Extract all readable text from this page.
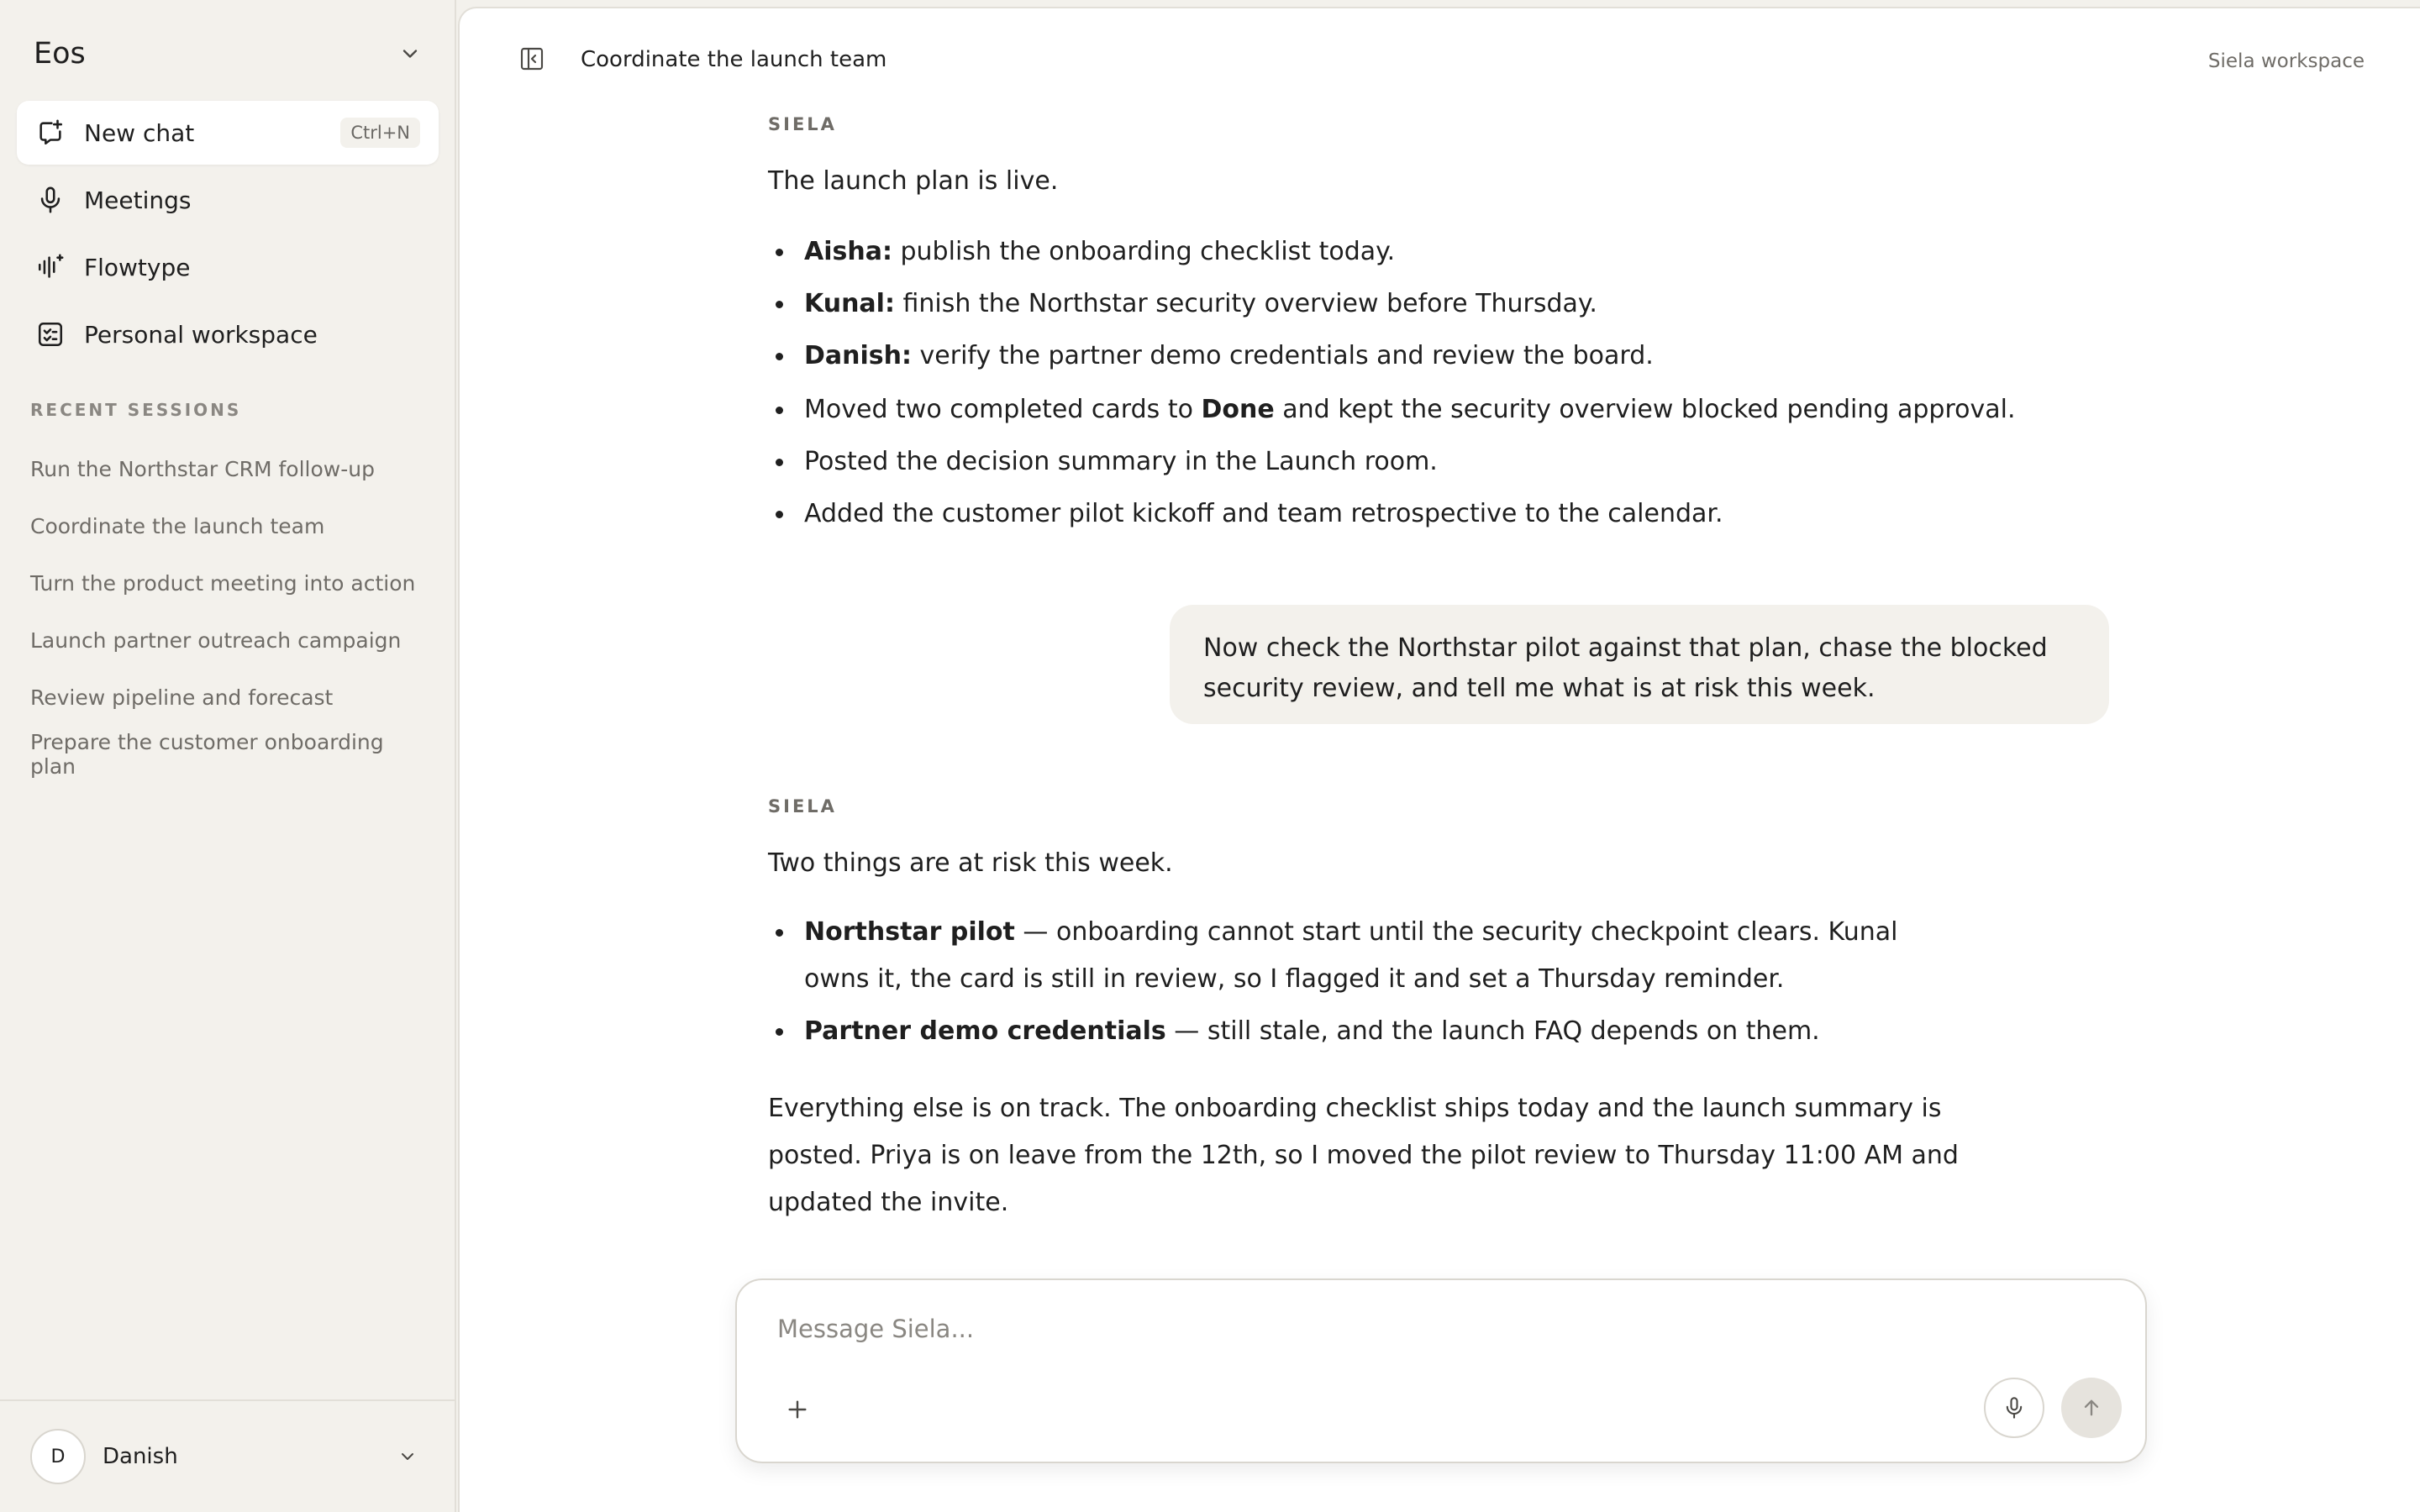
Eos
New chat	Ctrl+N
Meetings
Flowtype
Personal workspace
RECENT SESSIONS
Run the Northstar CRM follow-up
Coordinate the launch team
Turn the product meeting into action
Launch partner outreach campaign
Review pipeline and forecast
Prepare the customer onboarding plan
D	Danish
Coordinate the launch team	Siela workspace
SIELA
The launch plan is live.
Aisha: publish the onboarding checklist today.
Kunal: finish the Northstar security overview before Thursday.
Danish: verify the partner demo credentials and review the board.
Moved two completed cards to Done and kept the security overview blocked pending approval.
Posted the decision summary in the Launch room.
Added the customer pilot kickoff and team retrospective to the calendar.
Now check the Northstar pilot against that plan, chase the blocked security review, and tell me what is at risk this week.
SIELA
Two things are at risk this week.
Northstar pilot — onboarding cannot start until the security checkpoint clears. Kunal owns it, the card is still in review, so I flagged it and set a Thursday reminder.
Partner demo credentials — still stale, and the launch FAQ depends on them.
Everything else is on track. The onboarding checklist ships today and the launch summary is posted. Priya is on leave from the 12th, so I moved the pilot review to Thursday 11:00 AM and updated the invite.
Message Siela...
